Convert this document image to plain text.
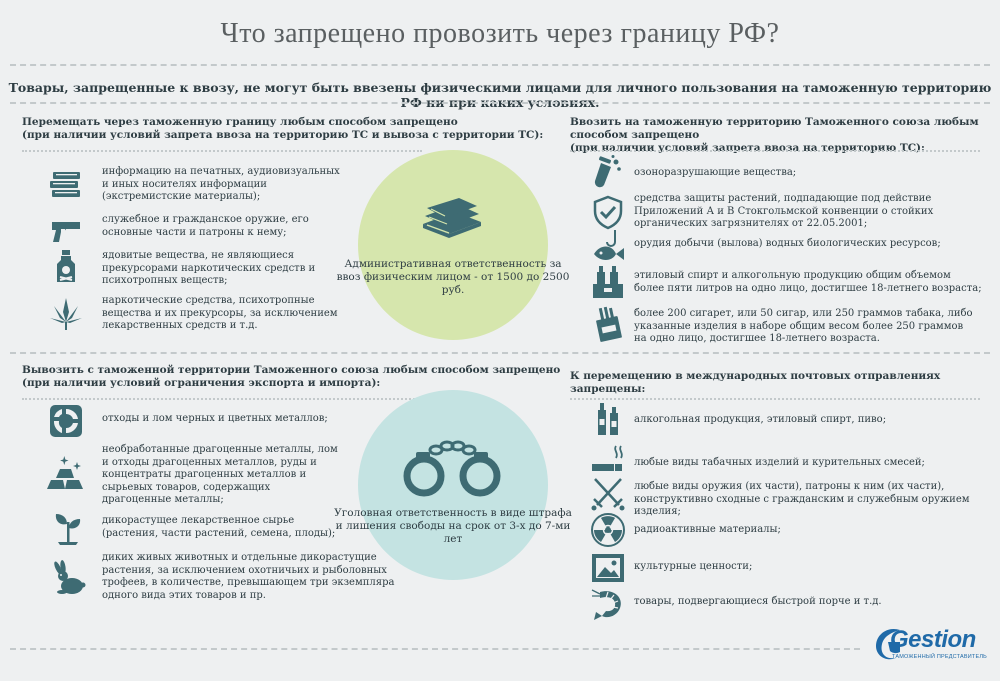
Что запрещено провозить через границу РФ?
Товары, запрещенные к ввозу, не могут быть ввезены физическими лицами для личного пользования на таможенную территорию РФ ни при каких условиях.
Перемещать через таможенную границу любым способом запрещено
(при наличии условий запрета ввоза на территорию ТС и вывоза с территории ТС):
информацию на печатных, аудиовизуальных
и иных носителях информации
(экстремистские материалы);
служебное и гражданское оружие, его
основные части и патроны к нему;
ядовитые вещества, не являющиеся
прекурсорами наркотических средств и
психотропных веществ;
наркотические средства, психотропные
вещества и их прекурсоры, за исключением
лекарственных средств и т.д.
Административная ответственность за
ввоз физическим лицом - от 1500 до 2500 руб.
Ввозить на таможенную территорию Таможенного союза любым способом запрещено
(при наличии условий запрета ввоза на территорию ТС):
озоноразрушающие вещества;
средства защиты растений, подпадающие под действие
Приложений А и В Стокгольмской конвенции о стойких
органических загрязнителях от 22.05.2001;
орудия добычи (вылова) водных биологических ресурсов;
этиловый спирт и алкогольную продукцию общим объемом
более пяти литров на одно лицо, достигшее 18-летнего возраста;
более 200 сигарет, или 50 сигар, или 250 граммов табака, либо
указанные изделия в наборе общим весом более 250 граммов
на одно лицо, достигшее 18-летнего возраста.
Вывозить с таможенной территории Таможенного союза любым способом запрещено
(при наличии условий ограничения экспорта и импорта):
отходы и лом черных и цветных металлов;
необработанные драгоценные металлы, лом
и отходы драгоценных металлов, руды и
концентраты драгоценных металлов и
сырьевых товаров, содержащих
драгоценные металлы;
дикорастущее лекарственное сырье
(растения, части растений, семена, плоды);
диких живых животных и отдельные дикорастущие
растения, за исключением охотничьих и рыболовных
трофеев, в количестве, превышающем три экземпляра
одного вида этих товаров и пр.
Уголовная ответственность в виде штрафа
и лишения свободы на срок от 3-х до 7-ми лет
К перемещению в международных почтовых отправлениях запрещены:
алкогольная продукция, этиловый спирт, пиво;
любые виды табачных изделий и курительных смесей;
любые виды оружия (их части), патроны к ним (их части),
конструктивно сходные с гражданским и служебным оружием изделия;
радиоактивные материалы;
культурные ценности;
товары, подвергающиеся быстрой порче и т.д.
Gestion
ТАМОЖЕННЫЙ ПРЕДСТАВИТЕЛЬ
